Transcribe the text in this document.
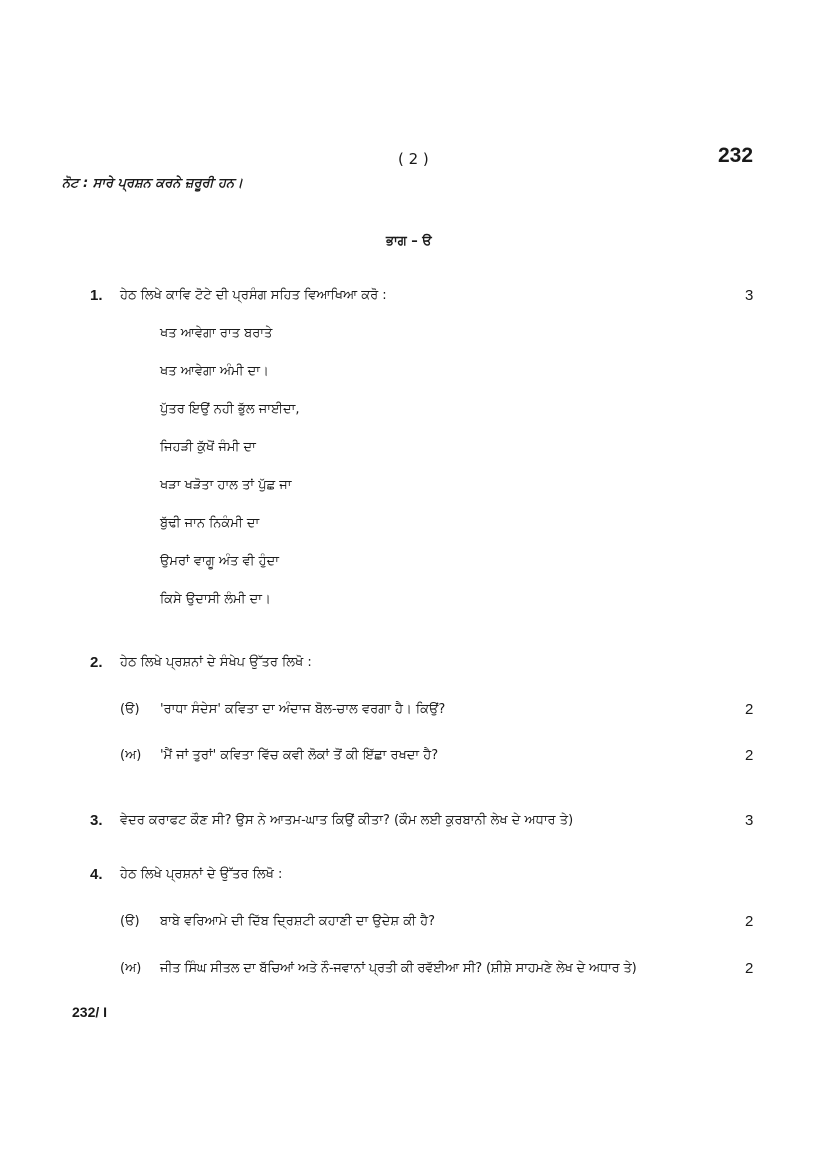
( 2 )	232
ਨੋਟ : ਸਾਰੇ ਪ੍ਰਸ਼ਨ ਕਰਨੇ ਜ਼ਰੂਰੀ ਹਨ।
ਭਾਗ – ੳ
1. ਹੇਠ ਲਿਖੇ ਕਾਵਿ ਟੋਟੇ ਦੀ ਪ੍ਰਸੰਗ ਸਹਿਤ ਵਿਆਖਿਆ ਕਰੋ :	3
ਖਤ ਆਵੇਗਾ ਰਾਤ ਬਰਾਤੇ
ਖਤ ਆਵੇਗਾ ਅੰਮੀ ਦਾ।
ਪੁੱਤਰ ਇਉਂ ਨਹੀ ਭੁੱਲ ਜਾਈਦਾ,
ਜਿਹੜੀ ਕੁੱਖੋਂ ਜੰਮੀ ਦਾ
ਖੜਾ ਖੜੋਤਾ ਹਾਲ ਤਾਂ ਪੁੱਛ ਜਾ
ਬੁੱਢੀ ਜਾਨ ਨਿਕੰਮੀ ਦਾ
ਉਮਰਾਂ ਵਾਗੂ ਅੰਤ ਵੀ ਹੁੰਦਾ
ਕਿਸੇ ਉਦਾਸੀ ਲੰਮੀ ਦਾ।
2. ਹੇਠ ਲਿਖੇ ਪ੍ਰਸ਼ਨਾਂ ਦੇ ਸੰਖੇਪ ਉੱਤਰ ਲਿਖੋ :
(ੳ) 'ਰਾਧਾ ਸੰਦੇਸ' ਕਵਿਤਾ ਦਾ ਅੰਦਾਜ ਬੋਲ-ਚਾਲ ਵਰਗਾ ਹੈ। ਕਿਉਂ?	2
(ਅ) 'ਮੈਂ ਜਾਂ ਤੁਰਾਂ' ਕਵਿਤਾ ਵਿੱਚ ਕਵੀ ਲੋਕਾਂ ਤੋਂ ਕੀ ਇੱਛਾ ਰਖਦਾ ਹੈ?	2
3. ਵੇਦਰ ਕਰਾਫਟ ਕੌਣ ਸੀ? ਉਸ ਨੇ ਆਤਮ-ਘਾਤ ਕਿਉਂ ਕੀਤਾ? (ਕੌਮ ਲਈ ਕੁਰਬਾਨੀ ਲੇਖ ਦੇ ਅਧਾਰ ਤੇ)	3
4. ਹੇਠ ਲਿਖੇ ਪ੍ਰਸ਼ਨਾਂ ਦੇ ਉੱਤਰ ਲਿਖੋ :
(ੳ) ਬਾਬੇ ਵਰਿਆਮੇ ਦੀ ਦਿੱਬ ਦ੍ਰਿਸ਼ਟੀ ਕਹਾਣੀ ਦਾ ਉਦੇਸ਼ ਕੀ ਹੈ?	2
(ਅ) ਜੀਤ ਸਿੰਘ ਸੀਤਲ ਦਾ ਬੱਚਿਆਂ ਅਤੇ ਨੌ-ਜਵਾਨਾਂ ਪ੍ਰਤੀ ਕੀ ਰਵੱਈਆ ਸੀ? (ਸ਼ੀਸ਼ੇ ਸਾਹਮਣੇ ਲੇਖ ਦੇ ਅਧਾਰ ਤੇ)	2
232/ I
